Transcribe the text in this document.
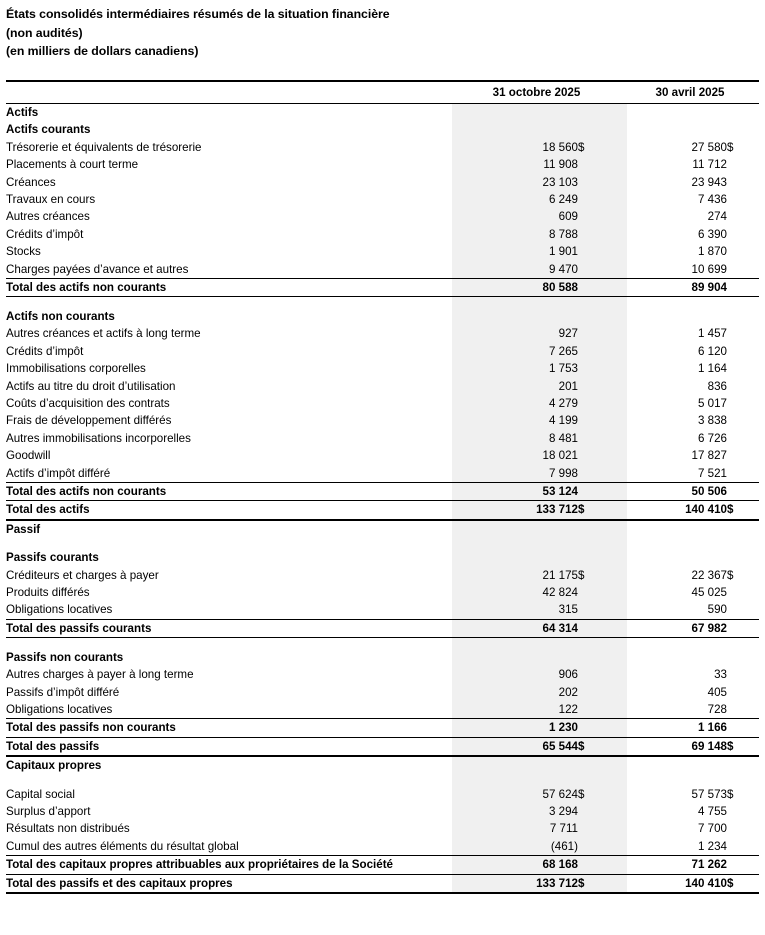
États consolidés intermédiaires résumés de la situation financière
(non audités)
(en milliers de dollars canadiens)
	31 octobre 2025		30 avril 2025	
Actifs				
Actifs courants				
Trésorerie et équivalents de trésorerie	18 560	$	27 580	$
Placements à court terme	11 908		11 712	
Créances	23 103		23 943	
Travaux en cours	6 249		7 436	
Autres créances	609		274	
Crédits d’impôt	8 788		6 390	
Stocks	1 901		1 870	
Charges payées d’avance et autres	9 470		10 699	
Total des actifs non courants	80 588		89 904	

Actifs non courants				
Autres créances et actifs à long terme	927		1 457	
Crédits d’impôt	7 265		6 120	
Immobilisations corporelles	1 753		1 164	
Actifs au titre du droit d’utilisation	201		836	
Coûts d’acquisition des contrats	4 279		5 017	
Frais de développement différés	4 199		3 838	
Autres immobilisations incorporelles	8 481		6 726	
Goodwill	18 021		17 827	
Actifs d’impôt différé	7 998		7 521	
Total des actifs non courants	53 124		50 506	
Total des actifs	133 712	$	140 410	$
Passif				

Passifs courants				
Créditeurs et charges à payer	21 175	$	22 367	$
Produits différés	42 824		45 025	
Obligations locatives	315		590	
Total des passifs courants	64 314		67 982	

Passifs non courants				
Autres charges à payer à long terme	906		33	
Passifs d’impôt différé	202		405	
Obligations locatives	122		728	
Total des passifs non courants	1 230		1 166	
Total des passifs	65 544	$	69 148	$
Capitaux propres				

Capital social	57 624	$	57 573	$
Surplus d’apport	3 294		4 755	
Résultats non distribués	7 711		7 700	
Cumul des autres éléments du résultat global	(461)		1 234	
Total des capitaux propres attribuables aux propriétaires de la Société	68 168		71 262	
Total des passifs et des capitaux propres	133 712	$	140 410	$
